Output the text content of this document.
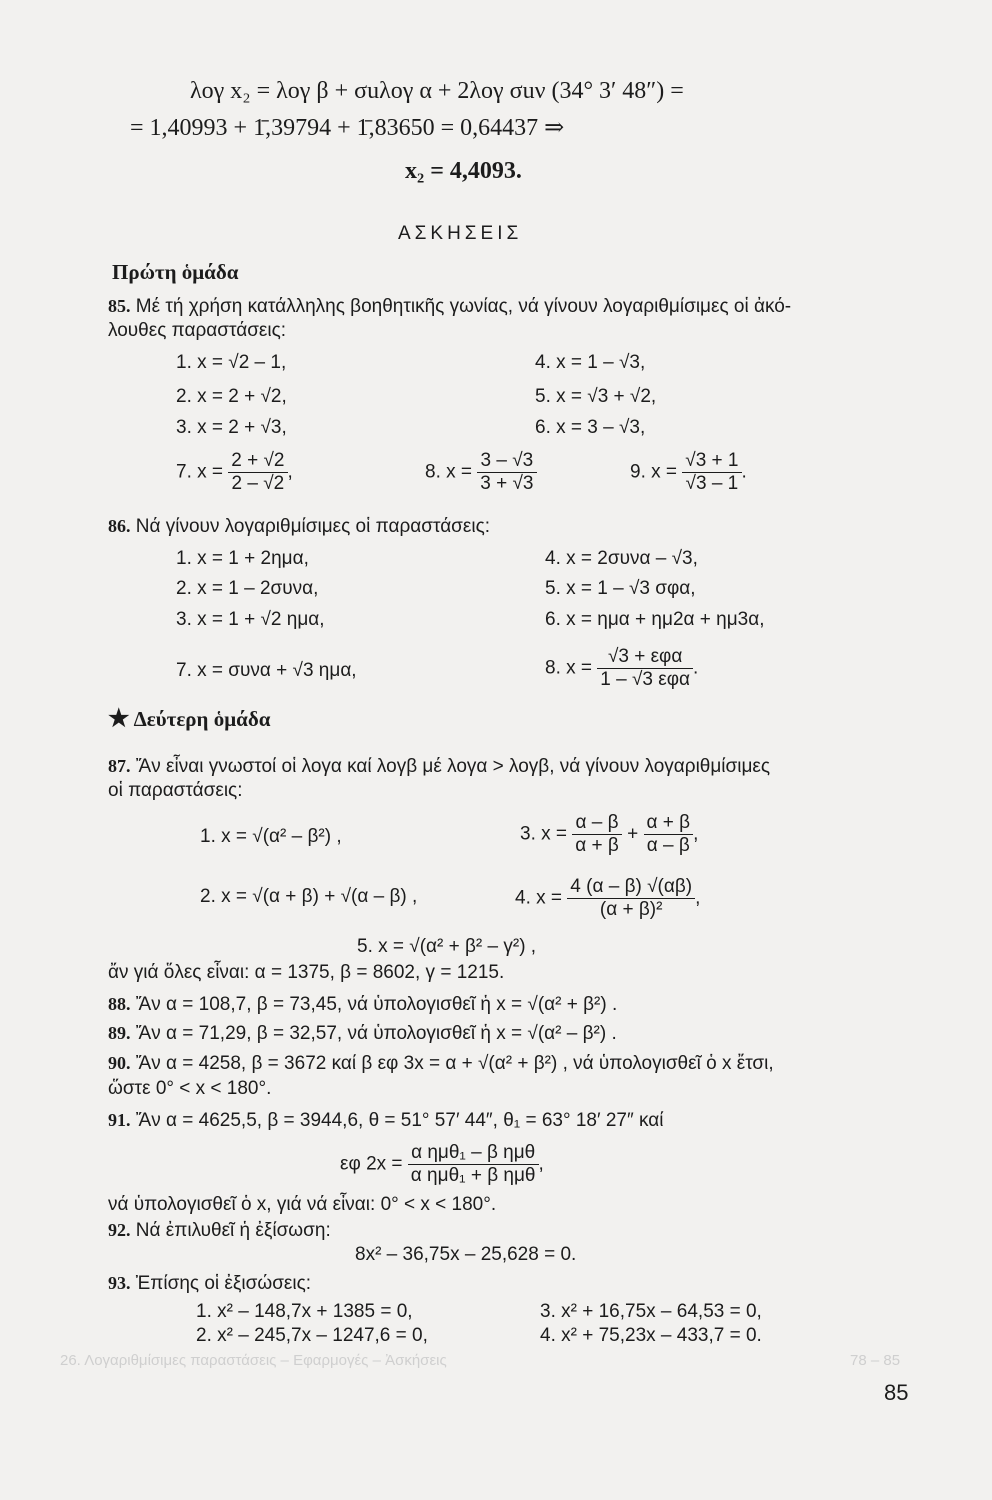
λογ x₂ = λογ β + σuλογ α + 2λογ σuν (34° 3′ 48″) =
= 1,40993 + 1̄,39794 + 1̄,83650 = 0,64437 ⇒
x₂ = 4,4093.
ΑΣΚΗΣΕΙΣ
Πρώτη ὁμάδα
85. Μέ τή χρήση κατάλληλης βοηθητικῆς γωνίας, νά γίνουν λογαριθμίσιμες οἱ ἀκό-
λουθες παραστάσεις:
1. x = √2 – 1,	4. x = 1 – √3,
2. x = 2 + √2,	5. x = √3 + √2,
3. x = 2 + √3,	6. x = 3 – √3,
7. $x = \frac{2 + √2}{2 - √2}$ ,	8. $x = \frac{3 - √3}{3 + √3}$	9. $x = \frac{√3 + 1}{√3 - 1}$ .
86. Νά γίνουν λογαριθμίσιμες οἱ παραστάσεις:
1. x = 1 + 2ημα,	4. x = 2συνα – √3,
2. x = 1 – 2συνα,	5. x = 1 – √3 σφα,
3. x = 1 + √2 ημα,	6. x = ημα + ημ2α + ημ3α,
7. x = συνα + √3 ημα,	8. $x = \frac{\text{√3 + εφα}}{\text{1 – √3 εφα}}$ .
★ Δεύτερη ὁμάδα
87. Ἄν εἶναι γνωστοί οἱ λογα καί λογβ μέ λογα > λογβ, νά γίνουν λογαριθμίσιμες
οἱ παραστάσεις:
1. x = √(α² – β²) ,	3. $x = \frac{\alpha - \beta}{\alpha + \beta} + \frac{\alpha + \beta}{\alpha - \beta}$ ,
2. x = √(α + β) + √(α – β) ,	4. $x = \frac{4 (\alpha - \beta) √(\alpha\beta)}{\text{(α + β)²}}$ ,
5. x = √(α² + β² – γ²) ,
ἄν γιά ὅλες εἶναι: α = 1375, β = 8602, γ = 1215.
88. Ἄν α = 108,7, β = 73,45, νά ὑπολογισθεῖ ἡ x = √(α² + β²) .
89. Ἄν α = 71,29, β = 32,57, νά ὑπολογισθεῖ ἡ x = √(α² – β²) .
90. Ἄν α = 4258, β = 3672 καί β εφ 3x = α + √(α² + β²) , νά ὑπολογισθεῖ ὁ x ἔτσι,
ὥστε 0° < x < 180°.
91. Ἄν α = 4625,5, β = 3944,6, θ = 51° 57′ 44″, θ₁ = 63° 18′ 27″ καί
εφ $2x = \frac{\text{α ημθ₁ – β ημθ}}{\text{α ημθ₁ + β ημθ}}$ ,
νά ὑπολογισθεῖ ὁ x, γιά νά εἶναι: 0° < x < 180°.
92. Νά ἐπιλυθεῖ ἡ ἐξίσωση:
8x² – 36,75x – 25,628 = 0.
93. Ἐπίσης οἱ ἐξισώσεις:
1. x² – 148,7x + 1385 = 0,	3. x² + 16,75x – 64,53 = 0,
2. x² – 245,7x – 1247,6 = 0,	4. x² + 75,23x – 433,7 = 0.
26. Λογαριθμίσιμες παραστάσεις – Εφαρμογές – Ἀσκήσεις	78 – 85
85
